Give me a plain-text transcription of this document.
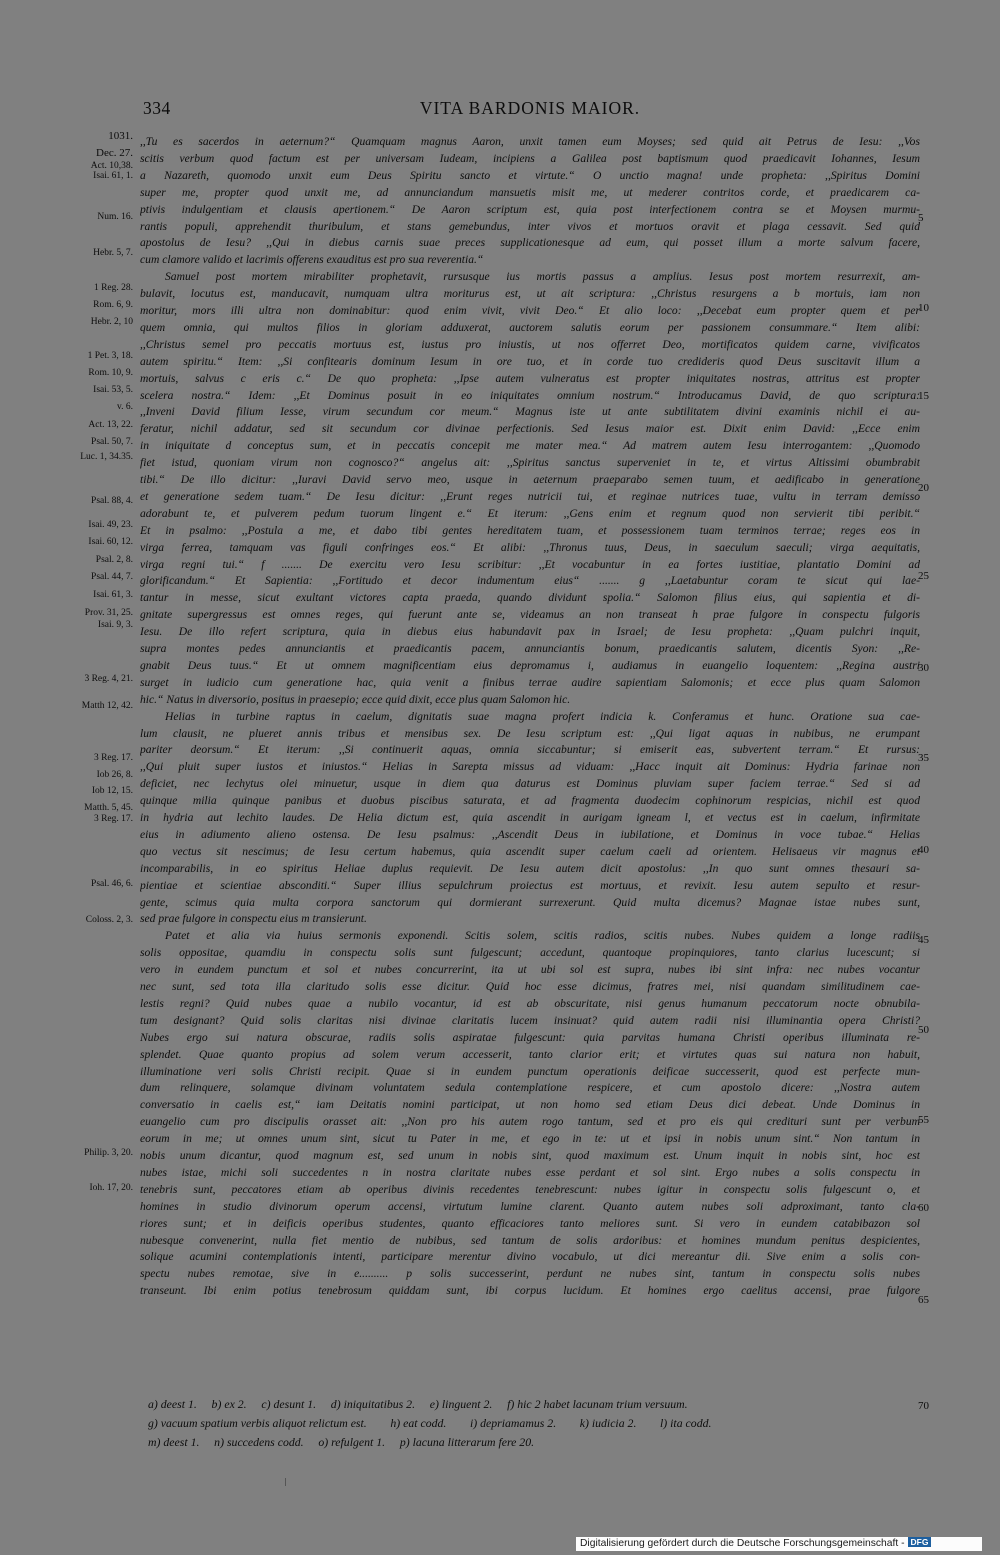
334	VITA BARDONIS MAIOR.
,,Tu es sacerdos in aeternum?“ Quamquam magnus Aaron, unxit tamen eum Moyses; sed quid ait Petrus de Iesu: ,,Vos
scitis verbum quod factum est per universam Iudeam, incipiens a Galilea post baptismum quod praedicavit Iohannes, Iesum
a Nazareth, quomodo unxit eum Deus Spiritu sancto et virtute.“ O unctio magna! unde propheta: ,,Spiritus Domini
super me, propter quod unxit me, ad annunciandum mansuetis misit me, ut mederer contritos corde, et praedicarem ca-
ptivis indulgentiam et clausis apertionem.“ De Aaron scriptum est, quia post interfectionem contra se et Moysen murmu-
rantis populi, apprehendit thuribulum, et stans gemebundus, inter vivos et mortuos oravit et plaga cessavit. Sed quid
apostolus de Iesu? ,,Qui in diebus carnis suae preces supplicationesque ad eum, qui posset illum a morte salvum facere,
cum clamore valido et lacrimis offerens exauditus est pro sua reverentia.“
Samuel post mortem mirabiliter prophetavit, rursusque ius mortis passus a amplius. Iesus post mortem resurrexit, am-
bulavit, locutus est, manducavit, numquam ultra moriturus est, ut ait scriptura: ,,Christus resurgens a b mortuis, iam non
moritur, mors illi ultra non dominabitur: quod enim vivit, vivit Deo.“ Et alio loco: ,,Decebat eum propter quem et per
quem omnia, qui multos filios in gloriam adduxerat, auctorem salutis eorum per passionem consummare.“ Item alibi:
,,Christus semel pro peccatis mortuus est, iustus pro iniustis, ut nos offerret Deo, mortificatos quidem carne, vivificatos
autem spiritu.“ Item: ,,Si confitearis dominum Iesum in ore tuo, et in corde tuo credideris quod Deus suscitavit illum a
mortuis, salvus c eris c.“ De quo propheta: ,,Ipse autem vulneratus est propter iniquitates nostras, attritus est propter
scelera nostra.“ Idem: ,,Et Dominus posuit in eo iniquitates omnium nostrum.“ Introducamus David, de quo scriptura:
,,Inveni David filium Iesse, virum secundum cor meum.“ Magnus iste ut ante subtilitatem divini examinis nichil ei au-
feratur, nichil addatur, sed sit secundum cor divinae perfectionis. Sed Iesus maior est. Dixit enim David: ,,Ecce enim
in iniquitate d conceptus sum, et in peccatis concepit me mater mea.“ Ad matrem autem Iesu interrogantem: ,,Quomodo
fiet istud, quoniam virum non cognosco?“ angelus ait: ,,Spiritus sanctus superveniet in te, et virtus Altissimi obumbrabit
tibi.“ De illo dicitur: ,,Iuravi David servo meo, usque in aeternum praeparabo semen tuum, et aedificabo in generatione
et generatione sedem tuam.“ De Iesu dicitur: ,,Erunt reges nutricii tui, et reginae nutrices tuae, vultu in terram demisso
adorabunt te, et pulverem pedum tuorum lingent e.“ Et iterum: ,,Gens enim et regnum quod non servierit tibi peribit.“
Et in psalmo: ,,Postula a me, et dabo tibi gentes hereditatem tuam, et possessionem tuam terminos terrae; reges eos in
virga ferrea, tamquam vas figuli confringes eos.“ Et alibi: ,,Thronus tuus, Deus, in saeculum saeculi; virga aequitatis,
virga regni tui.“ f ....... De exercitu vero Iesu scribitur: ,,Et vocabuntur in ea fortes iustitiae, plantatio Domini ad
glorificandum.“ Et Sapientia: ,,Fortitudo et decor indumentum eius“ ....... g ,,Laetabuntur coram te sicut qui lae-
tantur in messe, sicut exultant victores capta praeda, quando dividunt spolia.“ Salomon filius eius, qui sapientia et di-
gnitate supergressus est omnes reges, qui fuerunt ante se, videamus an non transeat h prae fulgore in conspectu fulgoris
Iesu. De illo refert scriptura, quia in diebus eius habundavit pax in Israel; de Iesu propheta: ,,Quam pulchri inquit,
supra montes pedes annunciantis et praedicantis pacem, annunciantis bonum, praedicantis salutem, dicentis Syon: ,,Re-
gnabit Deus tuus.“ Et ut omnem magnificentiam eius depromamus i, audiamus in euangelio loquentem: ,,Regina austri
surget in iudicio cum generatione hac, quia venit a finibus terrae audire sapientiam Salomonis; et ecce plus quam Salomon
hic.“ Natus in diversorio, positus in praesepio; ecce quid dixit, ecce plus quam Salomon hic.
Helias in turbine raptus in caelum, dignitatis suae magna profert indicia k. Conferamus et hunc. Oratione sua cae-
lum clausit, ne plueret annis tribus et mensibus sex. De Iesu scriptum est: ,,Qui ligat aquas in nubibus, ne erumpant
pariter deorsum.“ Et iterum: ,,Si continuerit aquas, omnia siccabuntur; si emiserit eas, subvertent terram.“ Et rursus:
,,Qui pluit super iustos et iniustos.“ Helias in Sarepta missus ad viduam: ,,Hacc inquit ait Dominus: Hydria farinae non
deficiet, nec lechytus olei minuetur, usque in diem qua daturus est Dominus pluviam super faciem terrae.“ Sed si ad
quinque milia quinque panibus et duobus piscibus saturata, et ad fragmenta duodecim cophinorum respicias, nichil est quod
in hydria aut lechito laudes. De Helia dictum est, quia ascendit in aurigam igneam l, et vectus est in caelum, infirmitate
eius in adiumento alieno ostensa. De Iesu psalmus: ,,Ascendit Deus in iubilatione, et Dominus in voce tubae.“ Helias
quo vectus sit nescimus; de Iesu certum habemus, quia ascendit super caelum caeli ad orientem. Helisaeus vir magnus et
incomparabilis, in eo spiritus Heliae duplus requievit. De Iesu autem dicit apostolus: ,,In quo sunt omnes thesauri sa-
pientiae et scientiae absconditi.“ Super illius sepulchrum proiectus est mortuus, et revixit. Iesu autem sepulto et resur-
gente, scimus quia multa corpora sanctorum qui dormierant surrexerunt. Quid multa dicemus? Magnae istae nubes sunt,
sed prae fulgore in conspectu eius m transierunt.
Patet et alia via huius sermonis exponendi. Scitis solem, scitis radios, scitis nubes. Nubes quidem a longe radiis
solis oppositae, quamdiu in conspectu solis sunt fulgescunt; accedunt, quantoque propinquiores, tanto clarius lucescunt; si
vero in eundem punctum et sol et nubes concurrerint, ita ut ubi sol est supra, nubes ibi sint infra: nec nubes vocantur
nec sunt, sed tota illa claritudo solis esse dicitur. Quid hoc esse dicimus, fratres mei, nisi quandam similitudinem cae-
lestis regni? Quid nubes quae a nubilo vocantur, id est ab obscuritate, nisi genus humanum peccatorum nocte obnubila-
tum designant? Quid solis claritas nisi divinae claritatis lucem insinuat? quid autem radii nisi illuminantia opera Christi?
Nubes ergo sui natura obscurae, radiis solis aspiratae fulgescunt: quia parvitas humana Christi operibus illuminata re-
splendet. Quae quanto propius ad solem verum accesserit, tanto clarior erit; et virtutes quas sui natura non habuit,
illuminatione veri solis Christi recipit. Quae si in eundem punctum operationis deificae successerit, quod est perfecte mun-
dum relinquere, solamque divinam voluntatem sedula contemplatione respicere, et cum apostolo dicere: ,,Nostra autem
conversatio in caelis est,“ iam Deitatis nomini participat, ut non homo sed etiam Deus dici debeat. Unde Dominus in
euangelio cum pro discipulis orasset ait: ,,Non pro his autem rogo tantum, sed et pro eis qui credituri sunt per verbum
eorum in me; ut omnes unum sint, sicut tu Pater in me, et ego in te: ut et ipsi in nobis unum sint.“ Non tantum in
nobis unum dicantur, quod magnum est, sed unum in nobis sint, quod maximum est. Unum inquit in nobis sint, hoc est
nubes istae, michi soli succedentes n in nostra claritate nubes esse perdant et sol sint. Ergo nubes a solis conspectu in
tenebris sunt, peccatores etiam ab operibus divinis recedentes tenebrescunt: nubes igitur in conspectu solis fulgescunt o, et
homines in studio divinorum operum accensi, virtutum lumine clarent. Quanto autem nubes soli adproximant, tanto cla-
riores sunt; et in deificis operibus studentes, quanto efficaciores tanto meliores sunt. Si vero in eundem catabibazon sol
nubesque convenerint, nulla fiet mentio de nubibus, sed tantum de solis ardoribus: et homines mundum penitus despicientes,
solique acumini contemplationis intenti, participare merentur divino vocabulo, ut dici mereantur dii. Sive enim a solis con-
spectu nubes remotae, sive in e.......... p solis successerint, perdunt ne nubes sint, tantum in conspectu solis nubes
transeunt. Ibi enim potius tenebrosum quiddam sunt, ibi corpus lucidum. Et homines ergo caelitus accensi, prae fulgore
1031.
Dec. 27.
Act. 10,38.
Isai. 61, 1.
Num. 16.
Hebr. 5, 7.
1 Reg. 28.
Rom. 6, 9.
Hebr. 2, 10
1 Pet. 3, 18.
Rom. 10, 9.
Isai. 53, 5.
v. 6.
Act. 13, 22.
Psal. 50, 7.
Luc. 1, 34.35.
Psal. 88, 4.
Isai. 49, 23.
Isai. 60, 12.
Psal. 2, 8.
Psal. 44, 7.
Isai. 61, 3.
Prov. 31, 25.
Isai. 9, 3.
3 Reg. 4, 21.
Matth 12, 42.
3 Reg. 17.
Iob 26, 8.
Iob 12, 15.
Matth. 5, 45.
3 Reg. 17.
Psal. 46, 6.
Coloss. 2, 3.
Philip. 3, 20.
Ioh. 17, 20.
5
10
15
20
25
30
35
40
45
50
55
60
65
70
a) deest 1.     b) ex 2.     c) desunt 1.     d) iniquitatibus 2.     e) linguent 2.     f) hic 2 habet lacunam trium versuum.
g) vacuum spatium verbis aliquot relictum est.        h) eat codd.        i) depriamamus 2.        k) iudicia 2.        l) ita codd.
m) deest 1.     n) succedens codd.     o) refulgent 1.     p) lacuna litterarum fere 20.
Digitalisierung gefördert durch die Deutsche Forschungsgemeinschaft - DFG
